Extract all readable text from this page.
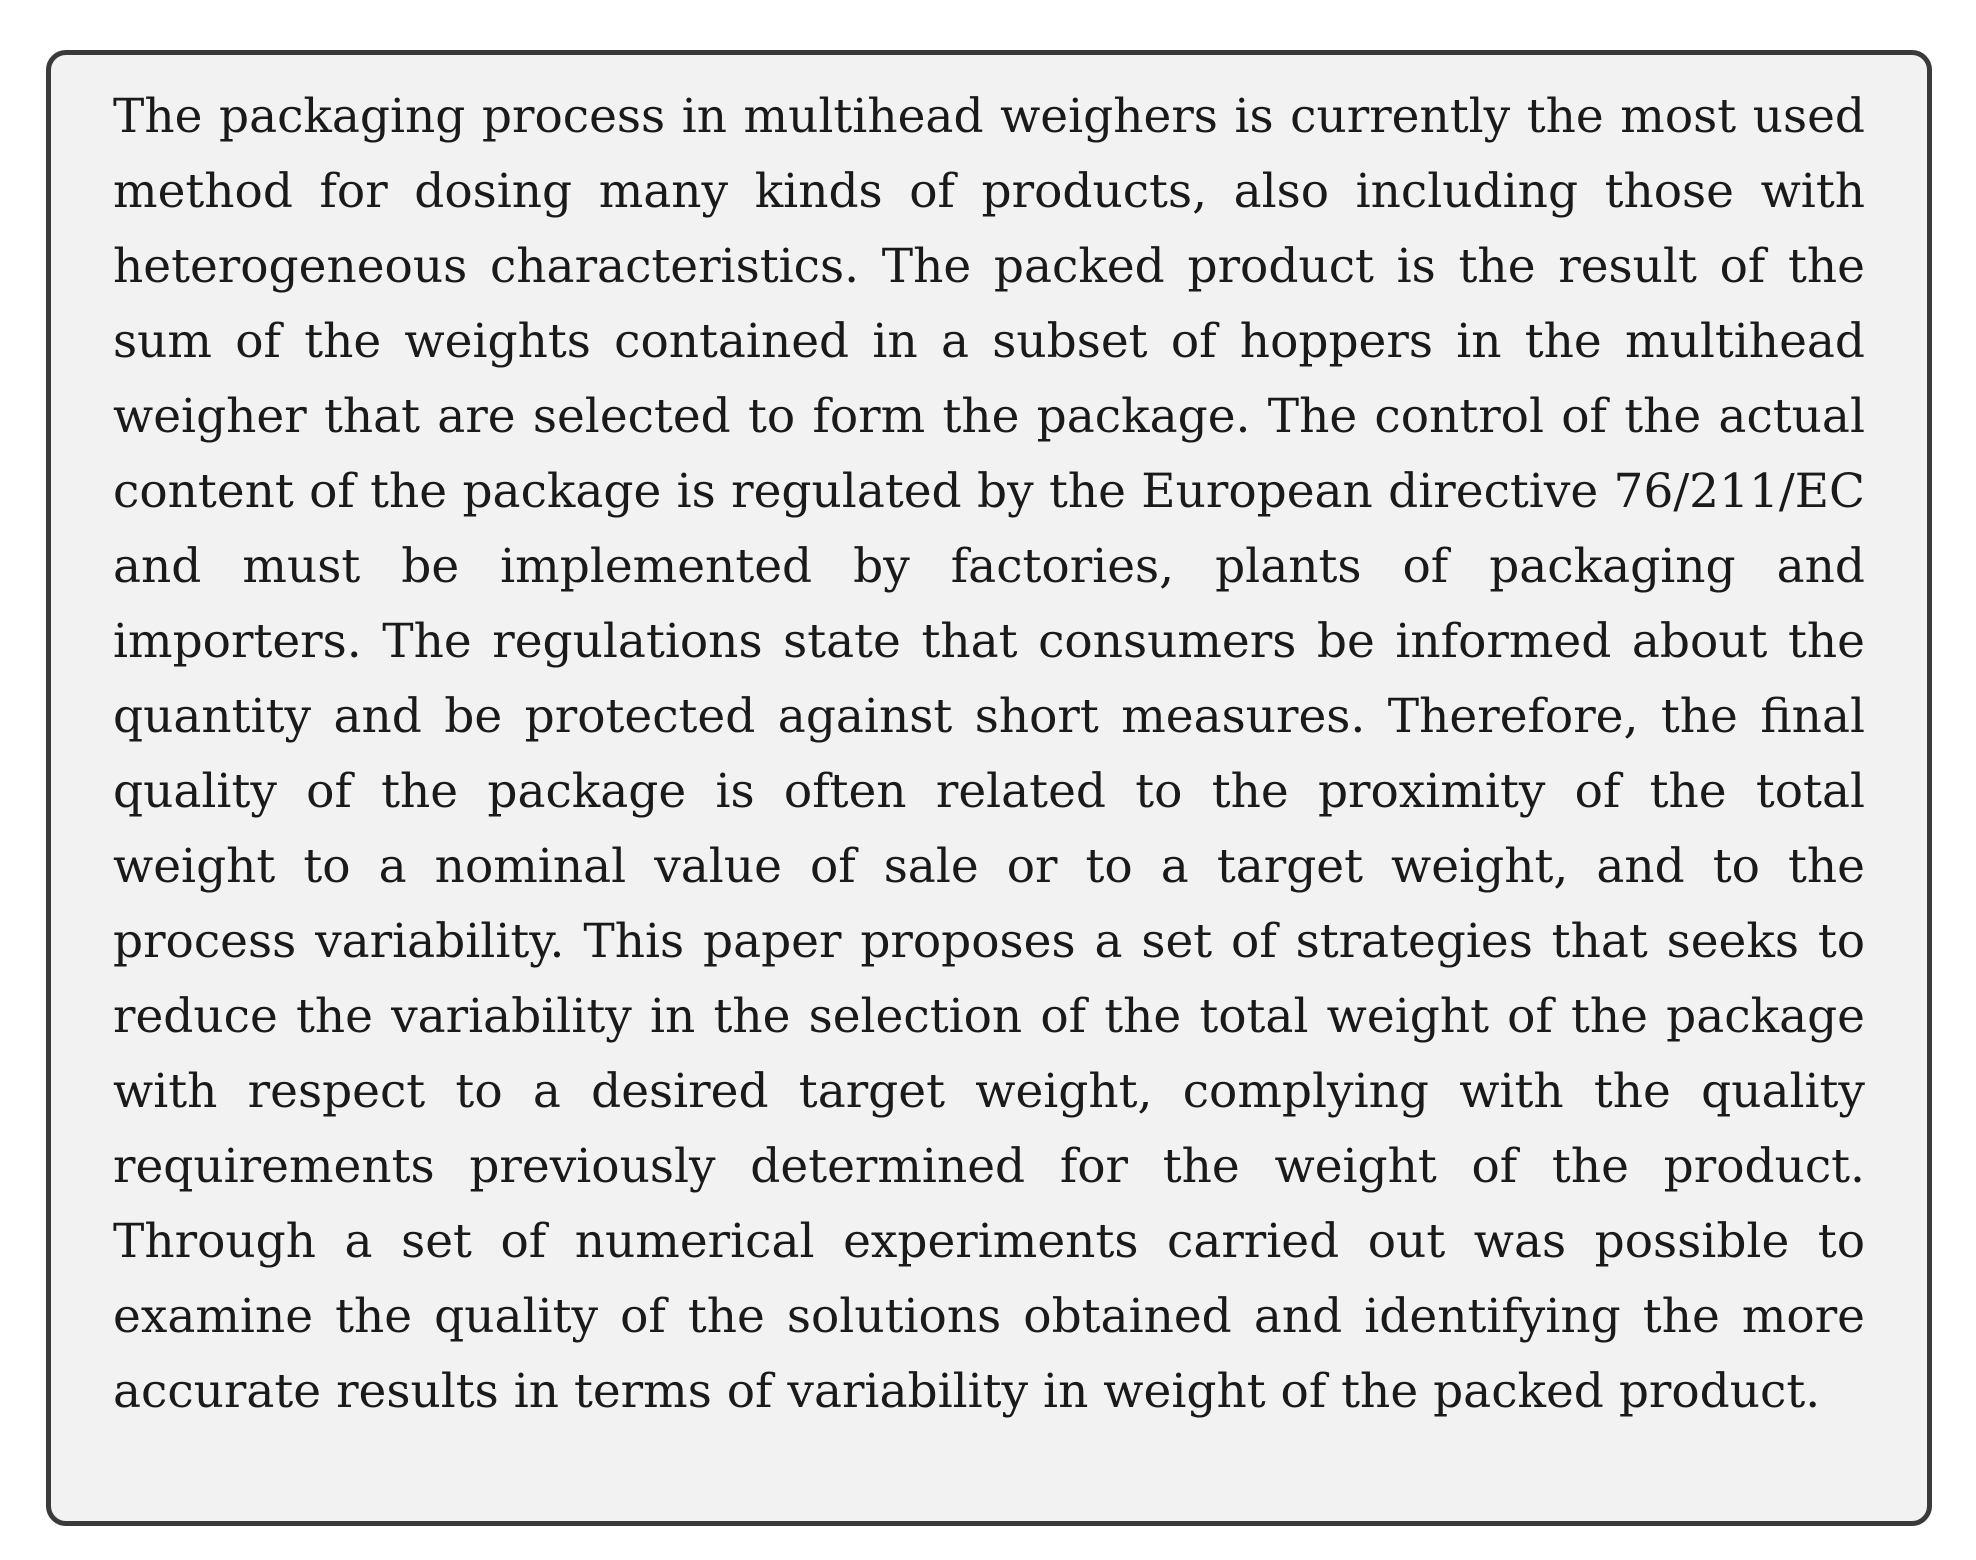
The packaging process in multihead weighers is currently the most used method for dosing many kinds of products, also including those with heterogeneous characteristics. The packed product is the result of the sum of the weights contained in a subset of hoppers in the multihead weigher that are selected to form the package. The control of the actual content of the package is regulated by the European directive 76/211/EC and must be implemented by factories, plants of packaging and importers. The regulations state that consumers be informed about the quantity and be protected against short measures. Therefore, the final quality of the package is often related to the proximity of the total weight to a nominal value of sale or to a target weight, and to the process variability. This paper proposes a set of strategies that seeks to reduce the variability in the selection of the total weight of the package with respect to a desired target weight, complying with the quality requirements previously determined for the weight of the product. Through a set of numerical experiments carried out was possible to examine the quality of the solutions obtained and identifying the more accurate results in terms of variability in weight of the packed product.
